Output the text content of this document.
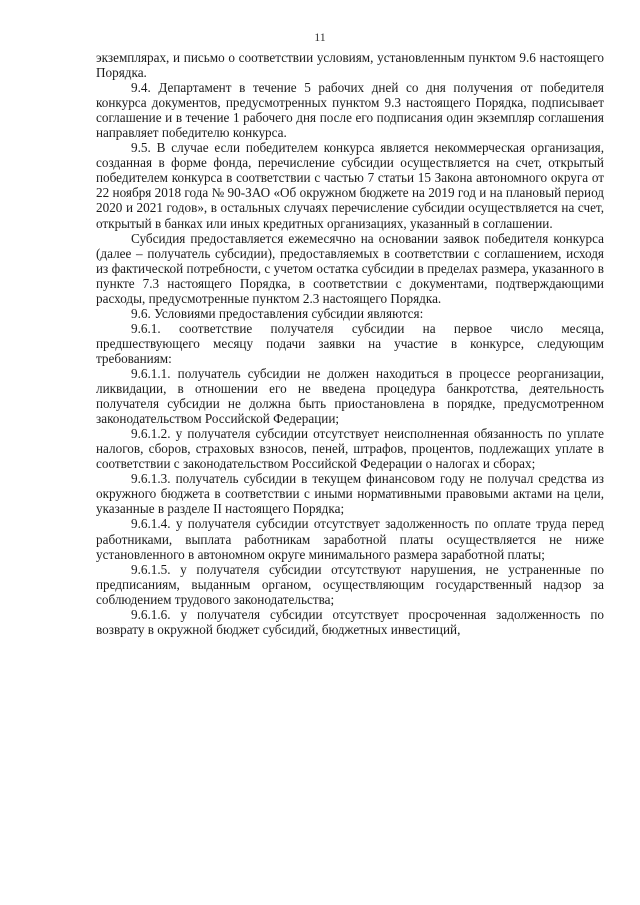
11

экземплярах, и письмо о соответствии условиям, установленным пунктом 9.6 настоящего Порядка.

9.4. Департамент в течение 5 рабочих дней со дня получения от победителя конкурса документов, предусмотренных пунктом 9.3 настоящего Порядка, подписывает соглашение и в течение 1 рабочего дня после его подписания один экземпляр соглашения направляет победителю конкурса.

9.5. В случае если победителем конкурса является некоммерческая организация, созданная в форме фонда, перечисление субсидии осуществляется на счет, открытый победителем конкурса в соответствии с частью 7 статьи 15 Закона автономного округа от 22 ноября 2018 года № 90-ЗАО «Об окружном бюджете на 2019 год и на плановый период 2020 и 2021 годов», в остальных случаях перечисление субсидии осуществляется на счет, открытый в банках или иных кредитных организациях, указанный в соглашении.

Субсидия предоставляется ежемесячно на основании заявок победителя конкурса (далее – получатель субсидии), предоставляемых в соответствии с соглашением, исходя из фактической потребности, с учетом остатка субсидии в пределах размера, указанного в пункте 7.3 настоящего Порядка, в соответствии с документами, подтверждающими расходы, предусмотренные пунктом 2.3 настоящего Порядка.

9.6. Условиями предоставления субсидии являются:

9.6.1. соответствие получателя субсидии на первое число месяца, предшествующего месяцу подачи заявки на участие в конкурсе, следующим требованиям:

9.6.1.1. получатель субсидии не должен находиться в процессе реорганизации, ликвидации, в отношении его не введена процедура банкротства, деятельность получателя субсидии не должна быть приостановлена в порядке, предусмотренном законодательством Российской Федерации;

9.6.1.2. у получателя субсидии отсутствует неисполненная обязанность по уплате налогов, сборов, страховых взносов, пеней, штрафов, процентов, подлежащих уплате в соответствии с законодательством Российской Федерации о налогах и сборах;

9.6.1.3. получатель субсидии в текущем финансовом году не получал средства из окружного бюджета в соответствии с иными нормативными правовыми актами на цели, указанные в разделе II настоящего Порядка;

9.6.1.4. у получателя субсидии отсутствует задолженность по оплате труда перед работниками, выплата работникам заработной платы осуществляется не ниже установленного в автономном округе минимального размера заработной платы;

9.6.1.5. у получателя субсидии отсутствуют нарушения, не устраненные по предписаниям, выданным органом, осуществляющим государственный надзор за соблюдением трудового законодательства;

9.6.1.6. у получателя субсидии отсутствует просроченная задолженность по возврату в окружной бюджет субсидий, бюджетных инвестиций,
